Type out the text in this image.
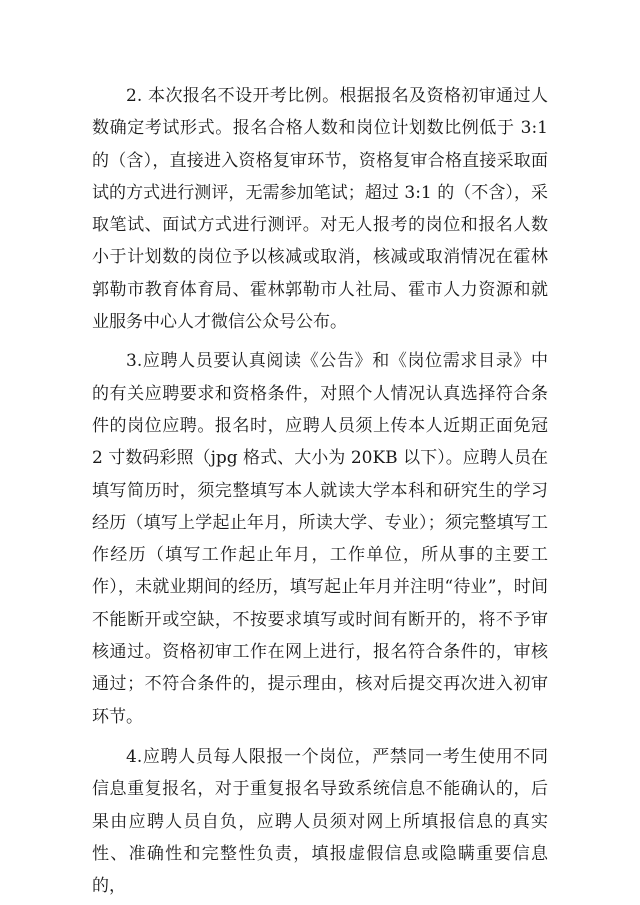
2. 本次报名不设开考比例。根据报名及资格初审通过人数确定考试形式。报名合格人数和岗位计划数比例低于 3:1 的（含），直接进入资格复审环节，资格复审合格直接采取面试的方式进行测评，无需参加笔试；超过 3:1 的（不含），采取笔试、面试方式进行测评。对无人报考的岗位和报名人数小于计划数的岗位予以核减或取消，核减或取消情况在霍林郭勒市教育体育局、霍林郭勒市人社局、霍市人力资源和就业服务中心人才微信公众号公布。

3.应聘人员要认真阅读《公告》和《岗位需求目录》中的有关应聘要求和资格条件，对照个人情况认真选择符合条件的岗位应聘。报名时，应聘人员须上传本人近期正面免冠 2 寸数码彩照（jpg 格式、大小为 20KB 以下）。应聘人员在填写简历时，须完整填写本人就读大学本科和研究生的学习经历（填写上学起止年月，所读大学、专业）；须完整填写工作经历（填写工作起止年月，工作单位，所从事的主要工作），未就业期间的经历，填写起止年月并注明“待业”，时间不能断开或空缺，不按要求填写或时间有断开的，将不予审核通过。资格初审工作在网上进行，报名符合条件的，审核通过；不符合条件的，提示理由，核对后提交再次进入初审环节。

4.应聘人员每人限报一个岗位，严禁同一考生使用不同信息重复报名，对于重复报名导致系统信息不能确认的，后果由应聘人员自负，应聘人员须对网上所填报信息的真实性、准确性和完整性负责，填报虚假信息或隐瞒重要信息的，
